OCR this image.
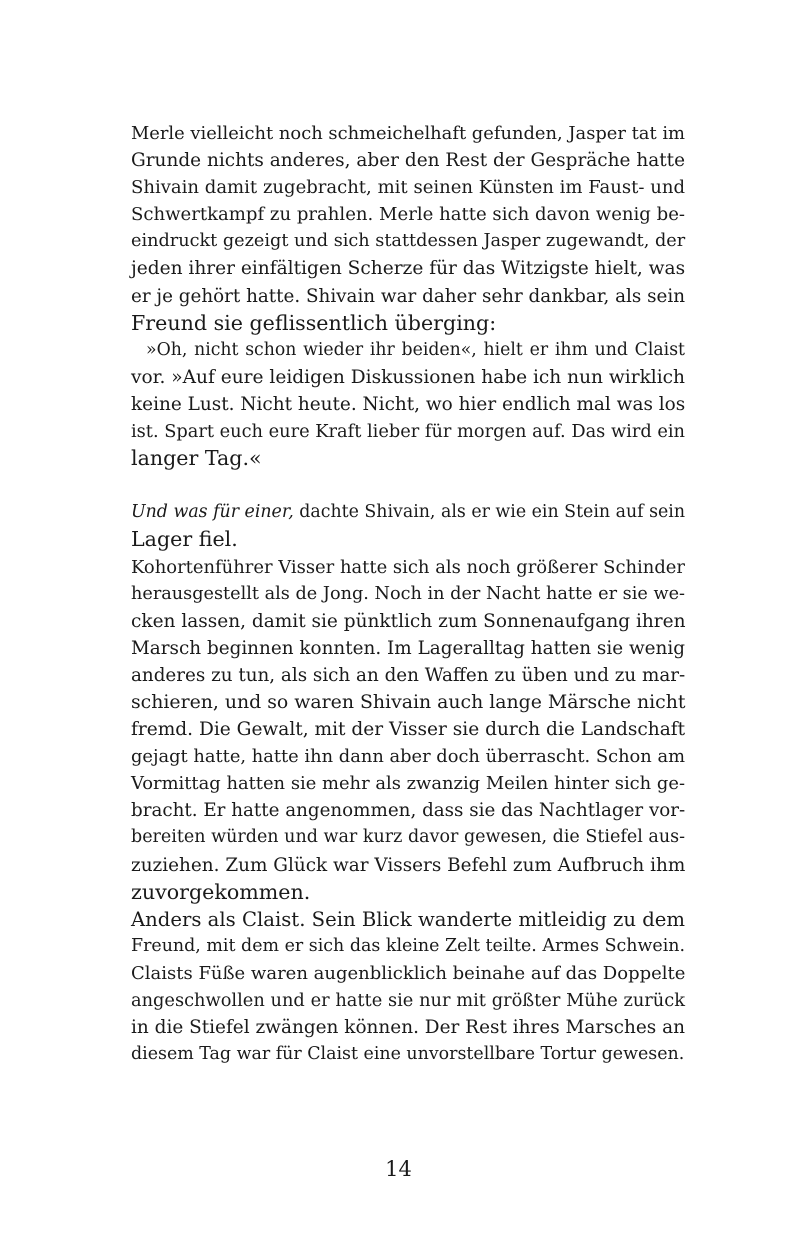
Merle vielleicht noch schmeichelhaft gefunden, Jasper tat im
Grunde nichts anderes, aber den Rest der Gespräche hatte
Shivain damit zugebracht, mit seinen Künsten im Faust- und
Schwertkampf zu prahlen. Merle hatte sich davon wenig be-
eindruckt gezeigt und sich stattdessen Jasper zugewandt, der
jeden ihrer einfältigen Scherze für das Witzigste hielt, was
er je gehört hatte. Shivain war daher sehr dankbar, als sein
Freund sie geflissentlich überging:
»Oh, nicht schon wieder ihr beiden«, hielt er ihm und Claist
vor. »Auf eure leidigen Diskussionen habe ich nun wirklich
keine Lust. Nicht heute. Nicht, wo hier endlich mal was los
ist. Spart euch eure Kraft lieber für morgen auf. Das wird ein
langer Tag.«
Und was für einer, dachte Shivain, als er wie ein Stein auf sein
Lager fiel.
Kohortenführer Visser hatte sich als noch größerer Schinder
herausgestellt als de Jong. Noch in der Nacht hatte er sie we-
cken lassen, damit sie pünktlich zum Sonnenaufgang ihren
Marsch beginnen konnten. Im Lageralltag hatten sie wenig
anderes zu tun, als sich an den Waffen zu üben und zu mar-
schieren, und so waren Shivain auch lange Märsche nicht
fremd. Die Gewalt, mit der Visser sie durch die Landschaft
gejagt hatte, hatte ihn dann aber doch überrascht. Schon am
Vormittag hatten sie mehr als zwanzig Meilen hinter sich ge-
bracht. Er hatte angenommen, dass sie das Nachtlager vor-
bereiten würden und war kurz davor gewesen, die Stiefel aus-
zuziehen. Zum Glück war Vissers Befehl zum Aufbruch ihm
zuvorgekommen.
Anders als Claist. Sein Blick wanderte mitleidig zu dem
Freund, mit dem er sich das kleine Zelt teilte. Armes Schwein.
Claists Füße waren augenblicklich beinahe auf das Doppelte
angeschwollen und er hatte sie nur mit größter Mühe zurück
in die Stiefel zwängen können. Der Rest ihres Marsches an
diesem Tag war für Claist eine unvorstellbare Tortur gewesen.
14
